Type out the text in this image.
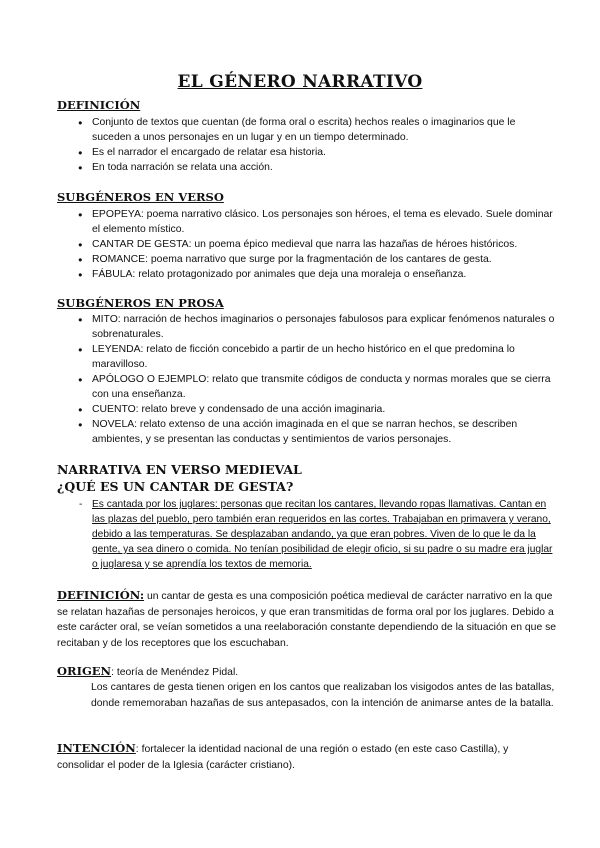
EL GÉNERO NARRATIVO
DEFINICIÓN
● Conjunto de textos que cuentan (de forma oral o escrita) hechos reales o imaginarios que le suceden a unos personajes en un lugar y en un tiempo determinado.
● Es el narrador el encargado de relatar esa historia.
● En toda narración se relata una acción.
SUBGÉNEROS EN VERSO
● EPOPEYA: poema narrativo clásico. Los personajes son héroes, el tema es elevado. Suele dominar el elemento místico.
● CANTAR DE GESTA: un poema épico medieval que narra las hazañas de héroes históricos.
● ROMANCE: poema narrativo que surge por la fragmentación de los cantares de gesta.
● FÁBULA: relato protagonizado por animales que deja una moraleja o enseñanza.
SUBGÉNEROS EN PROSA
● MITO: narración de hechos imaginarios o personajes fabulosos para explicar fenómenos naturales o sobrenaturales.
● LEYENDA: relato de ficción concebido a partir de un hecho histórico en el que predomina lo maravilloso.
● APÓLOGO O EJEMPLO: relato que transmite códigos de conducta y normas morales que se cierra con una enseñanza.
● CUENTO: relato breve y condensado de una acción imaginaria.
● NOVELA: relato extenso de una acción imaginada en el que se narran hechos, se describen ambientes, y se presentan las conductas y sentimientos de varios personajes.
NARRATIVA EN VERSO MEDIEVAL
¿QUÉ ES UN CANTAR DE GESTA?
- Es cantada por los juglares: personas que recitan los cantares, llevando ropas llamativas. Cantan en las plazas del pueblo, pero también eran requeridos en las cortes. Trabajaban en primavera y verano, debido a las temperaturas. Se desplazaban andando, ya que eran pobres. Viven de lo que le da la gente, ya sea dinero o comida. No tenían posibilidad de elegir oficio, si su padre o su madre era juglar o juglaresa y se aprendía los textos de memoria.
DEFINICIÓN: un cantar de gesta es una composición poética medieval de carácter narrativo en la que se relatan hazañas de personajes heroicos, y que eran transmitidas de forma oral por los juglares. Debido a este carácter oral, se veían sometidos a una reelaboración constante dependiendo de la situación en que se recitaban y de los receptores que los escuchaban.
ORIGEN: teoría de Menéndez Pidal.
Los cantares de gesta tienen origen en los cantos que realizaban los visigodos antes de las batallas, donde rememoraban hazañas de sus antepasados, con la intención de animarse antes de la batalla.
INTENCIÓN: fortalecer la identidad nacional de una región o estado (en este caso Castilla), y consolidar el poder de la Iglesia (carácter cristiano).
